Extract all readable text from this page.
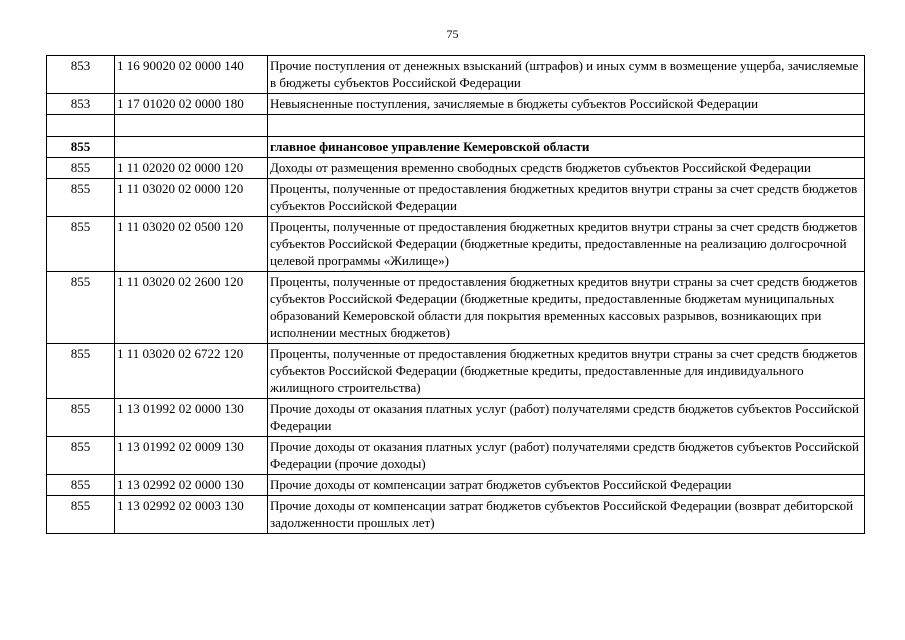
75
853	1 16 90020 02 0000 140	Прочие поступления от денежных взысканий (штрафов) и иных сумм в возмещение ущерба, зачисляемые в бюджеты субъектов Российской Федерации
853	1 17 01020 02 0000 180	Невыясненные поступления, зачисляемые в бюджеты субъектов Российской Федерации

855		главное финансовое управление Кемеровской области
855	1 11 02020 02 0000 120	Доходы от размещения временно свободных средств бюджетов субъектов Российской Федерации
855	1 11 03020 02 0000 120	Проценты, полученные от предоставления бюджетных кредитов внутри страны за счет средств бюджетов субъектов Российской Федерации
855	1 11 03020 02 0500 120	Проценты, полученные от предоставления бюджетных кредитов внутри страны за счет средств бюджетов субъектов Российской Федерации (бюджетные кредиты, предоставленные на реализацию долгосрочной целевой программы «Жилище»)
855	1 11 03020 02 2600 120	Проценты, полученные от предоставления бюджетных кредитов внутри страны за счет средств бюджетов субъектов Российской Федерации (бюджетные кредиты, предоставленные бюджетам муниципальных образований Кемеровской области для покрытия временных кассовых разрывов, возникающих при исполнении местных бюджетов)
855	1 11 03020 02 6722 120	Проценты, полученные от предоставления бюджетных кредитов внутри страны за счет средств бюджетов субъектов Российской Федерации (бюджетные кредиты, предоставленные для индивидуального жилищного строительства)
855	1 13 01992 02 0000 130	Прочие доходы от оказания платных услуг (работ) получателями средств бюджетов субъектов Российской Федерации
855	1 13 01992 02 0009 130	Прочие доходы от оказания платных услуг (работ) получателями средств бюджетов субъектов Российской Федерации (прочие доходы)
855	1 13 02992 02 0000 130	Прочие доходы от компенсации затрат бюджетов субъектов Российской Федерации
855	1 13 02992 02 0003 130	Прочие доходы от компенсации затрат бюджетов субъектов Российской Федерации (возврат дебиторской задолженности прошлых лет)
